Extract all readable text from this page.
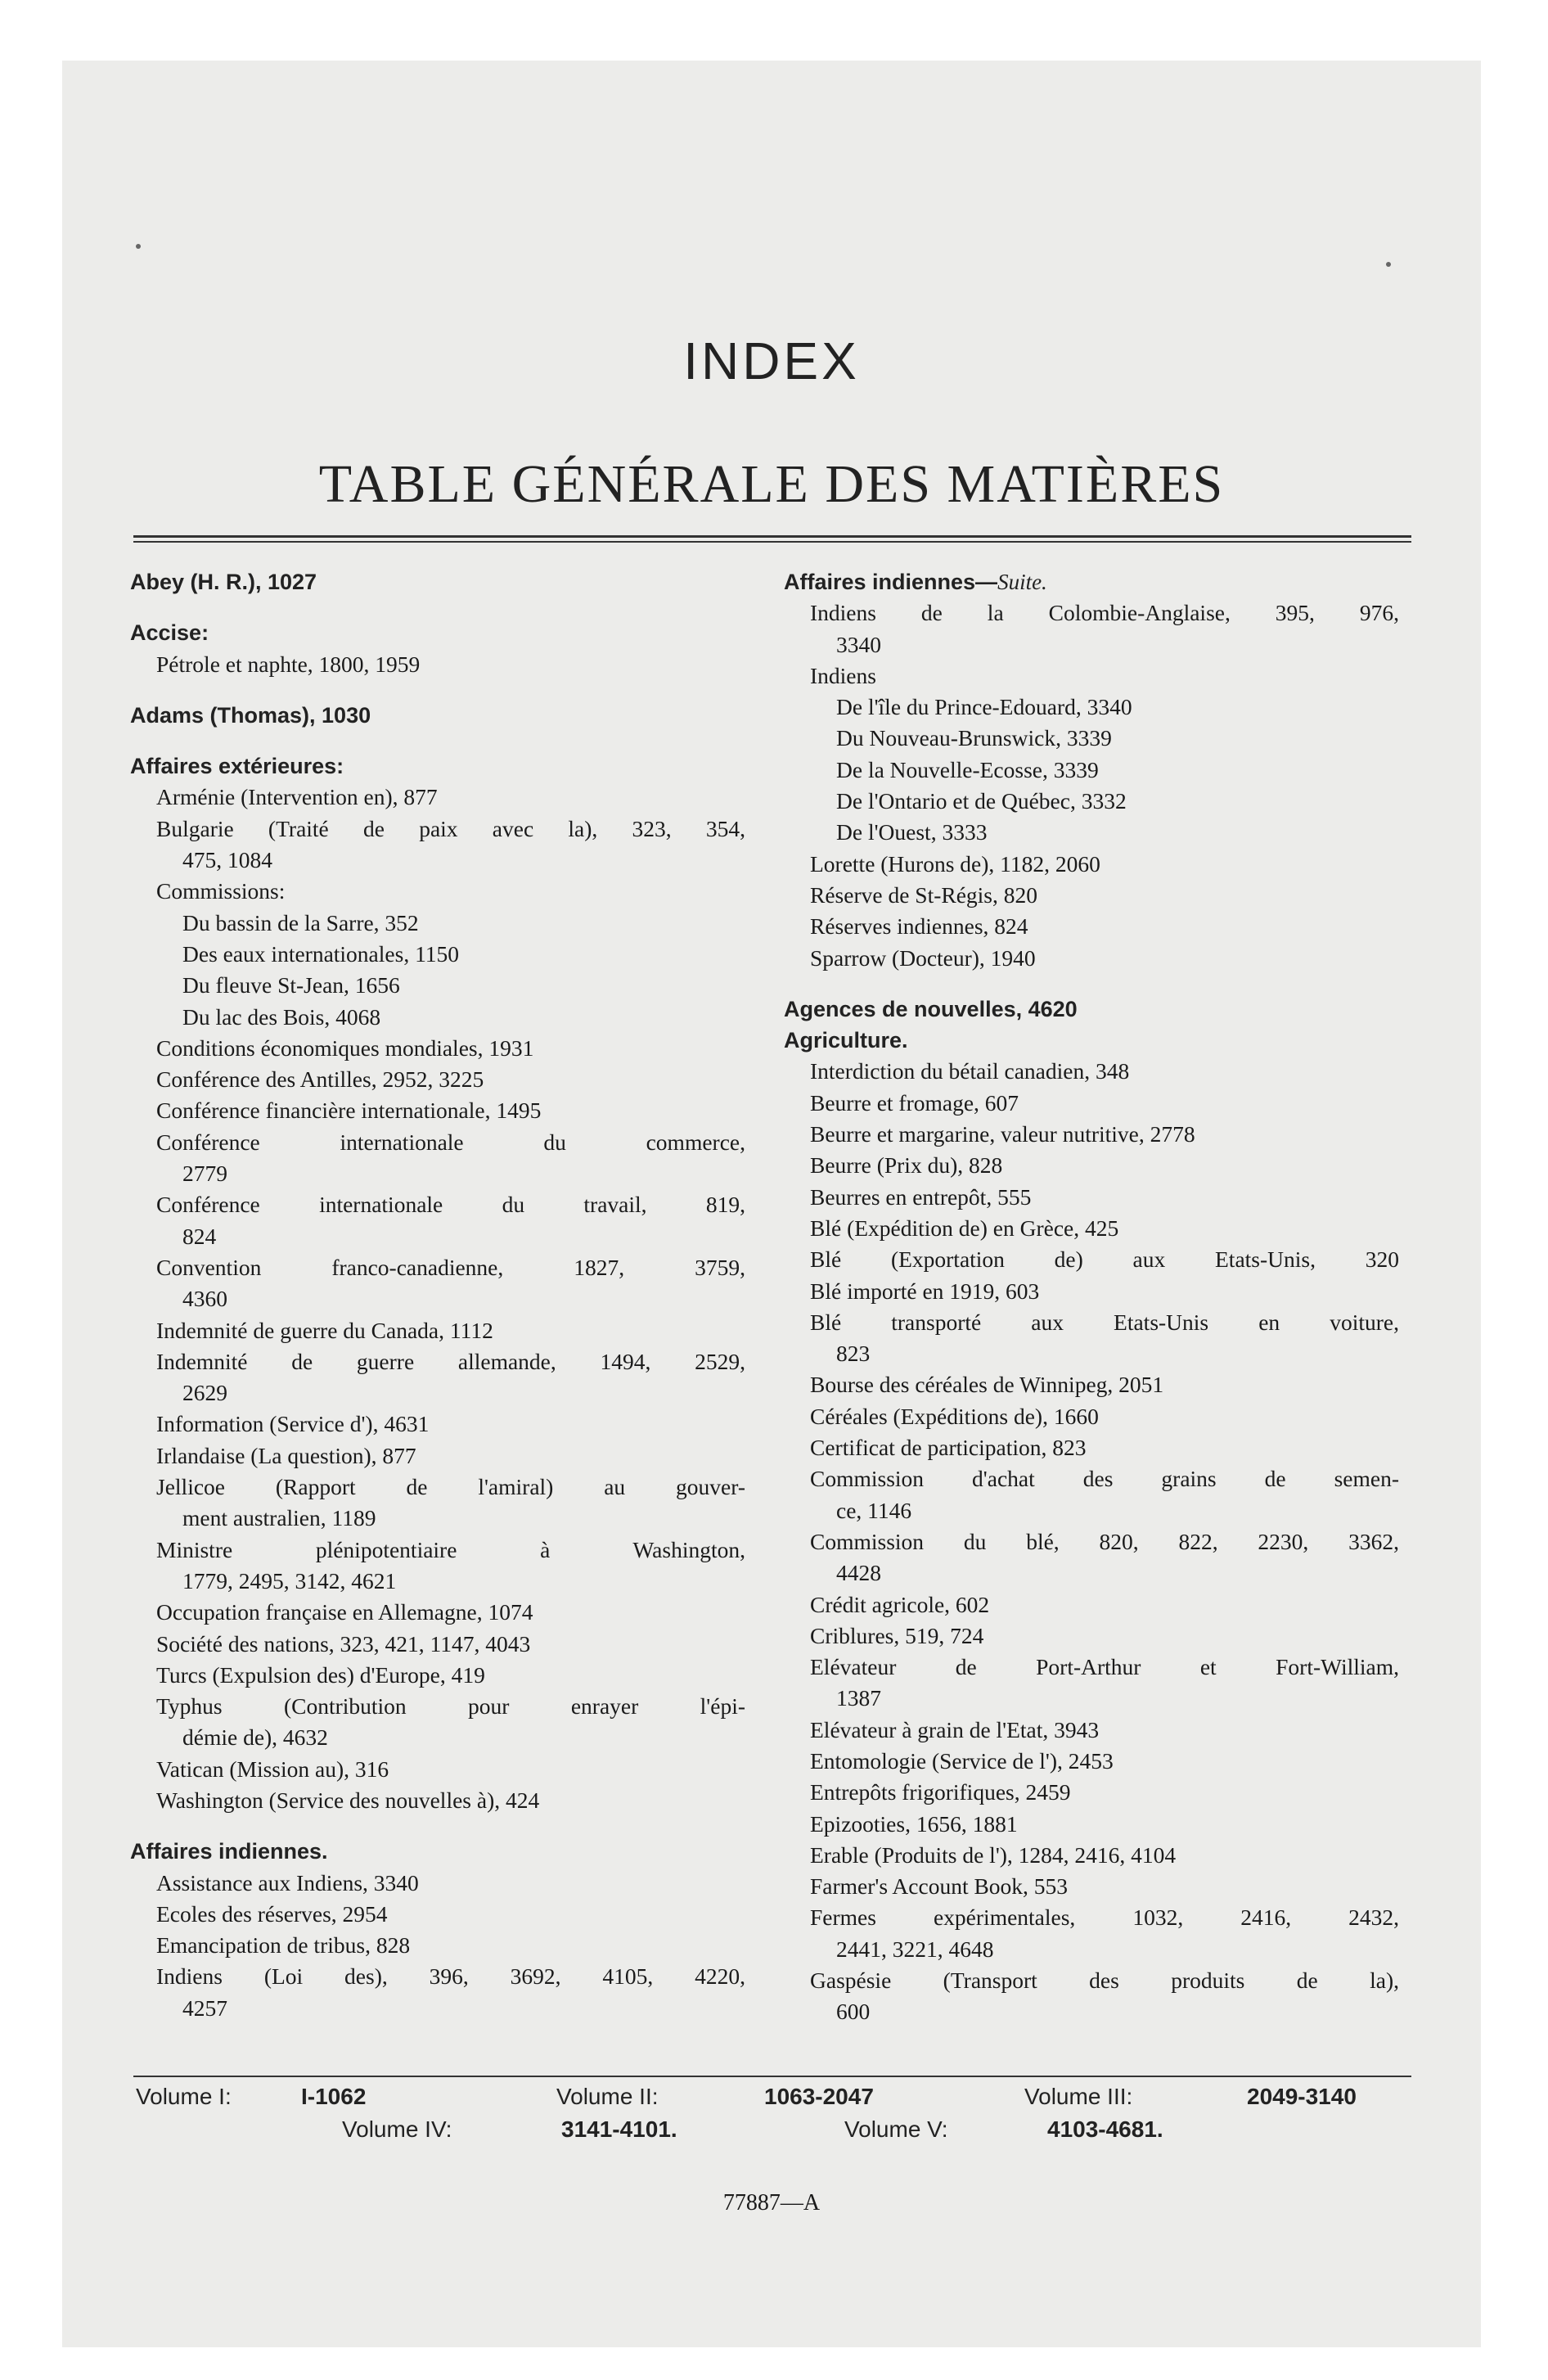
INDEX
TABLE GÉNÉRALE DES MATIÈRES
Abey (H. R.), 1027
Accise:
Pétrole et naphte, 1800, 1959
Adams (Thomas), 1030
Affaires extérieures:
Arménie (Intervention en), 877
Bulgarie (Traité de paix avec la), 323, 354,
475, 1084
Commissions:
Du bassin de la Sarre, 352
Des eaux internationales, 1150
Du fleuve St-Jean, 1656
Du lac des Bois, 4068
Conditions économiques mondiales, 1931
Conférence des Antilles, 2952, 3225
Conférence financière internationale, 1495
Conférence internationale du commerce,
2779
Conférence internationale du travail, 819,
824
Convention franco-canadienne, 1827, 3759,
4360
Indemnité de guerre du Canada, 1112
Indemnité de guerre allemande, 1494, 2529,
2629
Information (Service d'), 4631
Irlandaise (La question), 877
Jellicoe (Rapport de l'amiral) au gouver-
ment australien, 1189
Ministre plénipotentiaire à Washington,
1779, 2495, 3142, 4621
Occupation française en Allemagne, 1074
Société des nations, 323, 421, 1147, 4043
Turcs (Expulsion des) d'Europe, 419
Typhus (Contribution pour enrayer l'épi-
démie de), 4632
Vatican (Mission au), 316
Washington (Service des nouvelles à), 424
Affaires indiennes.
Assistance aux Indiens, 3340
Ecoles des réserves, 2954
Emancipation de tribus, 828
Indiens (Loi des), 396, 3692, 4105, 4220,
4257
Affaires indiennes—Suite.
Indiens de la Colombie-Anglaise, 395, 976,
3340
Indiens
De l'île du Prince-Edouard, 3340
Du Nouveau-Brunswick, 3339
De la Nouvelle-Ecosse, 3339
De l'Ontario et de Québec, 3332
De l'Ouest, 3333
Lorette (Hurons de), 1182, 2060
Réserve de St-Régis, 820
Réserves indiennes, 824
Sparrow (Docteur), 1940
Agences de nouvelles, 4620
Agriculture.
Interdiction du bétail canadien, 348
Beurre et fromage, 607
Beurre et margarine, valeur nutritive, 2778
Beurre (Prix du), 828
Beurres en entrepôt, 555
Blé (Expédition de) en Grèce, 425
Blé (Exportation de) aux Etats-Unis, 320
Blé importé en 1919, 603
Blé transporté aux Etats-Unis en voiture,
823
Bourse des céréales de Winnipeg, 2051
Céréales (Expéditions de), 1660
Certificat de participation, 823
Commission d'achat des grains de semen-
ce, 1146
Commission du blé, 820, 822, 2230, 3362,
4428
Crédit agricole, 602
Criblures, 519, 724
Elévateur de Port-Arthur et Fort-William,
1387
Elévateur à grain de l'Etat, 3943
Entomologie (Service de l'), 2453
Entrepôts frigorifiques, 2459
Epizooties, 1656, 1881
Erable (Produits de l'), 1284, 2416, 4104
Farmer's Account Book, 553
Fermes expérimentales, 1032, 2416, 2432,
2441, 3221, 4648
Gaspésie (Transport des produits de la),
600
Volume I:	I-1062	Volume II:	1063-2047	Volume III:	2049-3140
Volume IV:	3141-4101.	Volume V:	4103-4681.
77887—A
